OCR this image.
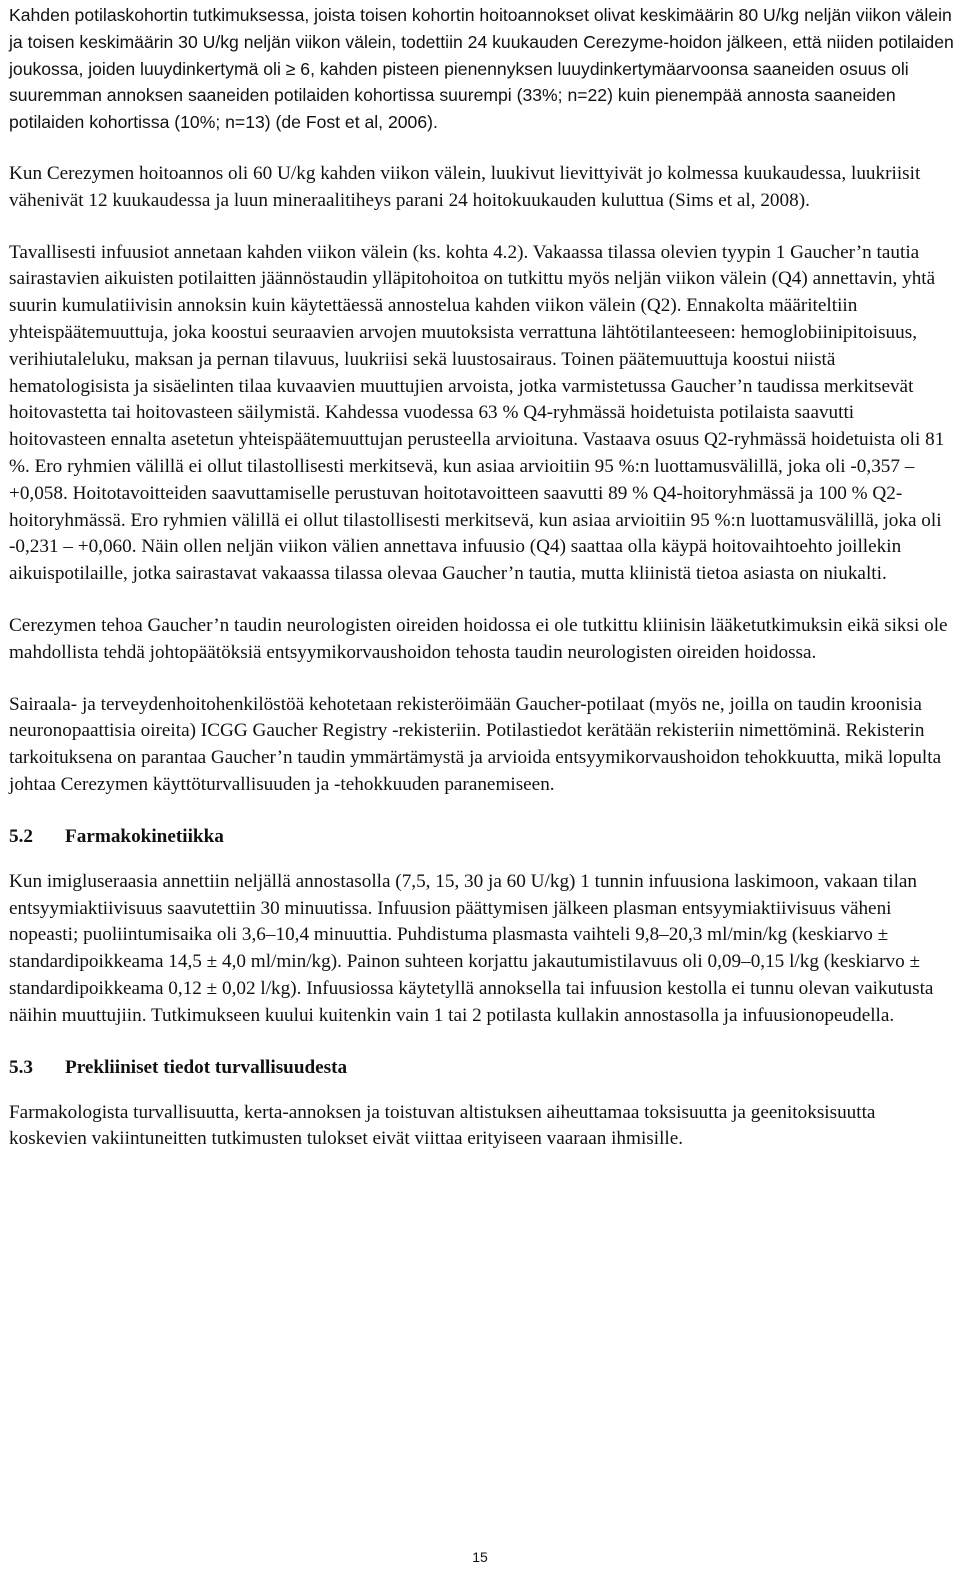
Kahden potilaskohortin tutkimuksessa, joista toisen kohortin hoitoannokset olivat keskimäärin 80 U/kg neljän viikon välein ja toisen keskimäärin 30 U/kg neljän viikon välein, todettiin 24 kuukauden Cerezyme-hoidon jälkeen, että niiden potilaiden joukossa, joiden luuydinkertymä oli ≥ 6, kahden pisteen pienennyksen luuydinkertymäarvoonsa saaneiden osuus oli suuremman annoksen saaneiden potilaiden kohortissa suurempi (33%; n=22) kuin pienempää annosta saaneiden potilaiden kohortissa (10%; n=13) (de Fost et al, 2006).

Kun Cerezymen hoitoannos oli 60 U/kg kahden viikon välein, luukivut lievittyivät jo kolmessa kuukaudessa, luukriisit vähenivät 12 kuukaudessa ja luun mineraalitiheys parani 24 hoitokuukauden kuluttua (Sims et al, 2008).

Tavallisesti infuusiot annetaan kahden viikon välein (ks. kohta 4.2). Vakaassa tilassa olevien tyypin 1 Gaucher’n tautia sairastavien aikuisten potilaitten jäännöstaudin ylläpitohoitoa on tutkittu myös neljän viikon välein (Q4) annettavin, yhtä suurin kumulatiivisin annoksin kuin käytettäessä annostelua kahden viikon välein (Q2). Ennakolta määriteltiin yhteispäätemuuttuja, joka koostui seuraavien arvojen muutoksista verrattuna lähtötilanteeseen: hemoglobiinipitoisuus, verihiutaleluku, maksan ja pernan tilavuus, luukriisi sekä luustosairaus. Toinen päätemuuttuja koostui niistä hematologisista ja sisäelinten tilaa kuvaavien muuttujien arvoista, jotka varmistetussa Gaucher’n taudissa merkitsevät hoitovastetta tai hoitovasteen säilymistä. Kahdessa vuodessa 63 % Q4-ryhmässä hoidetuista potilaista saavutti hoitovasteen ennalta asetetun yhteispäätemuuttujan perusteella arvioituna. Vastaava osuus Q2-ryhmässä hoidetuista oli 81 %. Ero ryhmien välillä ei ollut tilastollisesti merkitsevä, kun asiaa arvioitiin 95 %:n luottamusvälillä, joka oli -0,357 – +0,058. Hoitotavoitteiden saavuttamiselle perustuvan hoitotavoitteen saavutti 89 % Q4-hoitoryhmässä ja 100 % Q2-hoitoryhmässä. Ero ryhmien välillä ei ollut tilastollisesti merkitsevä, kun asiaa arvioitiin 95 %:n luottamusvälillä, joka oli -0,231 – +0,060. Näin ollen neljän viikon välien annettava infuusio (Q4) saattaa olla käypä hoitovaihtoehto joillekin aikuispotilaille, jotka sairastavat vakaassa tilassa olevaa Gaucher’n tautia, mutta kliinistä tietoa asiasta on niukalti.

Cerezymen tehoa Gaucher’n taudin neurologisten oireiden hoidossa ei ole tutkittu kliinisin lääketutkimuksin eikä siksi ole mahdollista tehdä johtopäätöksiä entsyymikorvaushoidon tehosta taudin neurologisten oireiden hoidossa.

Sairaala- ja terveydenhoitohenkilöstöä kehotetaan rekisteröimään Gaucher-potilaat (myös ne, joilla on taudin kroonisia neuronopaattisia oireita) ICGG Gaucher Registry -rekisteriin. Potilastiedot kerätään rekisteriin nimettöminä. Rekisterin tarkoituksena on parantaa Gaucher’n taudin ymmärtämystä ja arvioida entsyymikorvaushoidon tehokkuutta, mikä lopulta johtaa Cerezymen käyttöturvallisuuden ja -tehokkuuden paranemiseen.

5.2 Farmakokinetiikka

Kun imigluseraasia annettiin neljällä annostasolla (7,5, 15, 30 ja 60 U/kg) 1 tunnin infuusiona laskimoon, vakaan tilan entsyymiaktiivisuus saavutettiin 30 minuutissa. Infuusion päättymisen jälkeen plasman entsyymiaktiivisuus väheni nopeasti; puoliintumisaika oli 3,6–10,4 minuuttia. Puhdistuma plasmasta vaihteli 9,8–20,3 ml/min/kg (keskiarvo ± standardipoikkeama 14,5 ± 4,0 ml/min/kg). Painon suhteen korjattu jakautumistilavuus oli 0,09–0,15 l/kg (keskiarvo ± standardipoikkeama 0,12 ± 0,02 l/kg). Infuusiossa käytetyllä annoksella tai infuusion kestolla ei tunnu olevan vaikutusta näihin muuttujiin. Tutkimukseen kuului kuitenkin vain 1 tai 2 potilasta kullakin annostasolla ja infuusionopeudella.

5.3 Prekliiniset tiedot turvallisuudesta

Farmakologista turvallisuutta, kerta-annoksen ja toistuvan altistuksen aiheuttamaa toksisuutta ja geenitoksisuutta koskevien vakiintuneitten tutkimusten tulokset eivät viittaa erityiseen vaaraan ihmisille.

15
